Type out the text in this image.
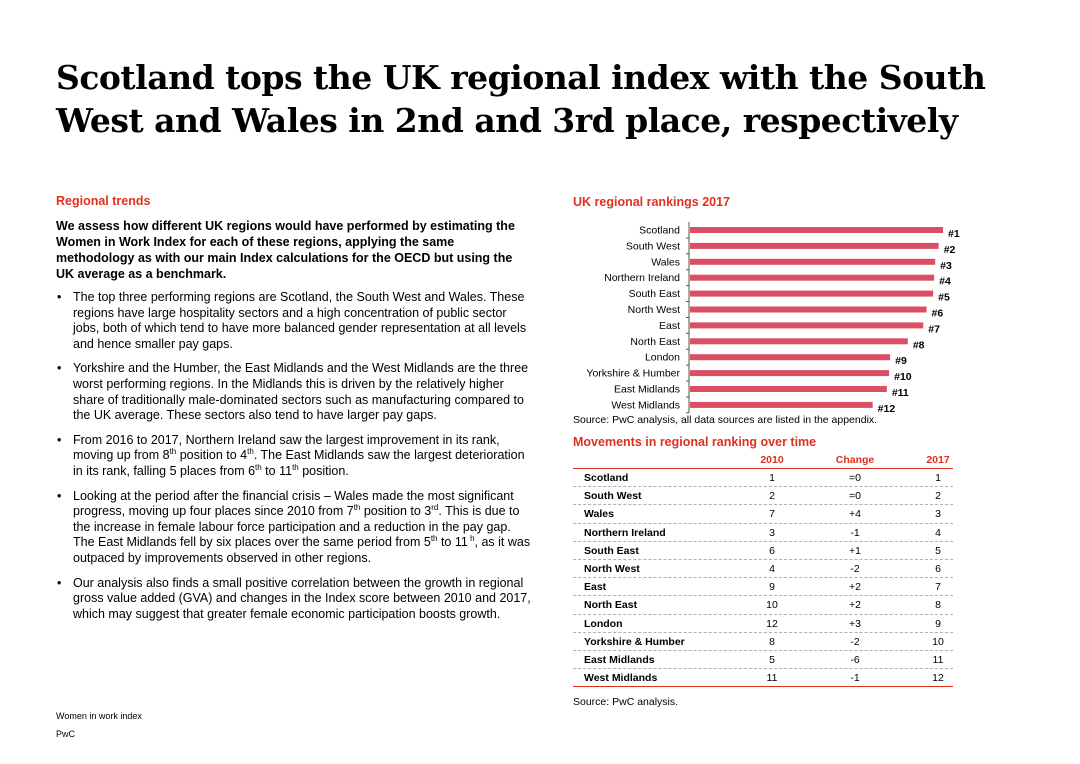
Scotland tops the UK regional index with the South West and Wales in 2nd and 3rd place, respectively
Regional trends

We assess how different UK regions would have performed by estimating the Women in Work Index for each of these regions, applying the same methodology as with our main Index calculations for the OECD but using the UK average as a benchmark.

• The top three performing regions are Scotland, the South West and Wales. These regions have large hospitality sectors and a high concentration of public sector jobs, both of which tend to have more balanced gender representation at all levels and hence smaller pay gaps.
• Yorkshire and the Humber, the East Midlands and the West Midlands are the three worst performing regions. In the Midlands this is driven by the relatively higher share of traditionally male-dominated sectors such as manufacturing compared to the UK average. These sectors also tend to have larger pay gaps.
• From 2016 to 2017, Northern Ireland saw the largest improvement in its rank, moving up from 8th position to 4th. The East Midlands saw the largest deterioration in its rank, falling 5 places from 6th to 11th position.
• Looking at the period after the financial crisis – Wales made the most significant progress, moving up four places since 2010 from 7th position to 3rd. This is due to the increase in female labour force participation and a reduction in the pay gap. The East Midlands fell by six places over the same period from 5th to 11 $^h$, as it was outpaced by improvements observed in other regions.
• Our analysis also finds a small positive correlation between the growth in regional gross value added (GVA) and changes in the Index score between 2010 and 2017, which may suggest that greater female economic participation boosts growth.
UK regional rankings 2017
Scotland	#1
South West	#2
Wales	#3
Northern Ireland	#4
South East	#5
North West	#6
East	#7
North East	#8
London	#9
Yorkshire & Humber	#10
East Midlands	#11
West Midlands	#12
Source: PwC analysis, all data sources are listed in the appendix.
Movements in regional ranking over time
2010	Change	2017
Scotland	1	=0	1
South West	2	=0	2
Wales	7	+4	3
Northern Ireland	3	-1	4
South East	6	+1	5
North West	4	-2	6
East	9	+2	7
North East	10	+2	8
London	12	+3	9
Yorkshire & Humber	8	-2	10
East Midlands	5	-6	11
West Midlands	11	-1	12
Source: PwC analysis.
Women in work index
PwC
